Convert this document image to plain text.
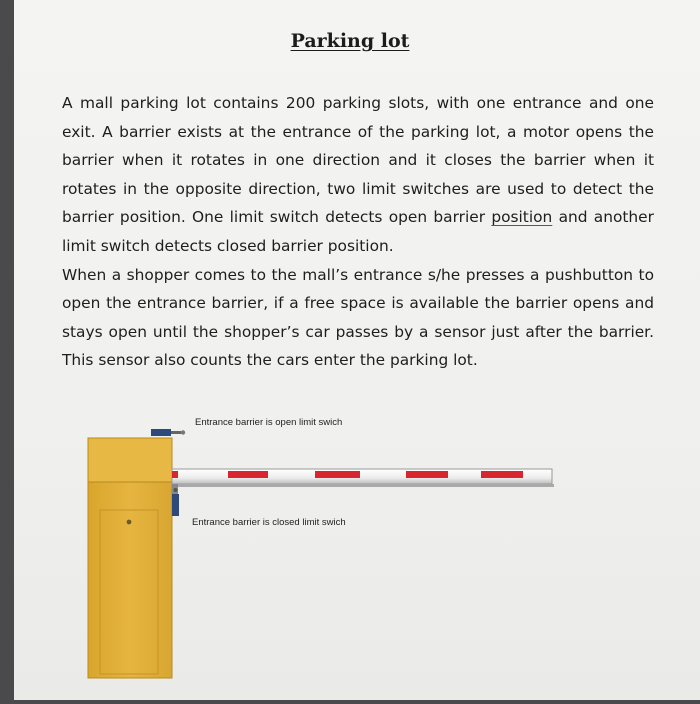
Parking lot

A mall parking lot contains 200 parking slots, with one entrance and one exit. A barrier exists at the entrance of the parking lot, a motor opens the barrier when it rotates in one direction and it closes the barrier when it rotates in the opposite direction, two limit switches are used to detect the barrier position. One limit switch detects open barrier position and another limit switch detects closed barrier position.

When a shopper comes to the mall’s entrance s/he presses a pushbutton to open the entrance barrier, if a free space is available the barrier opens and stays open until the shopper’s car passes by a sensor just after the barrier. This sensor also counts the cars enter the parking lot.

Entrance barrier is open limit swich
Entrance barrier is closed limit swich
